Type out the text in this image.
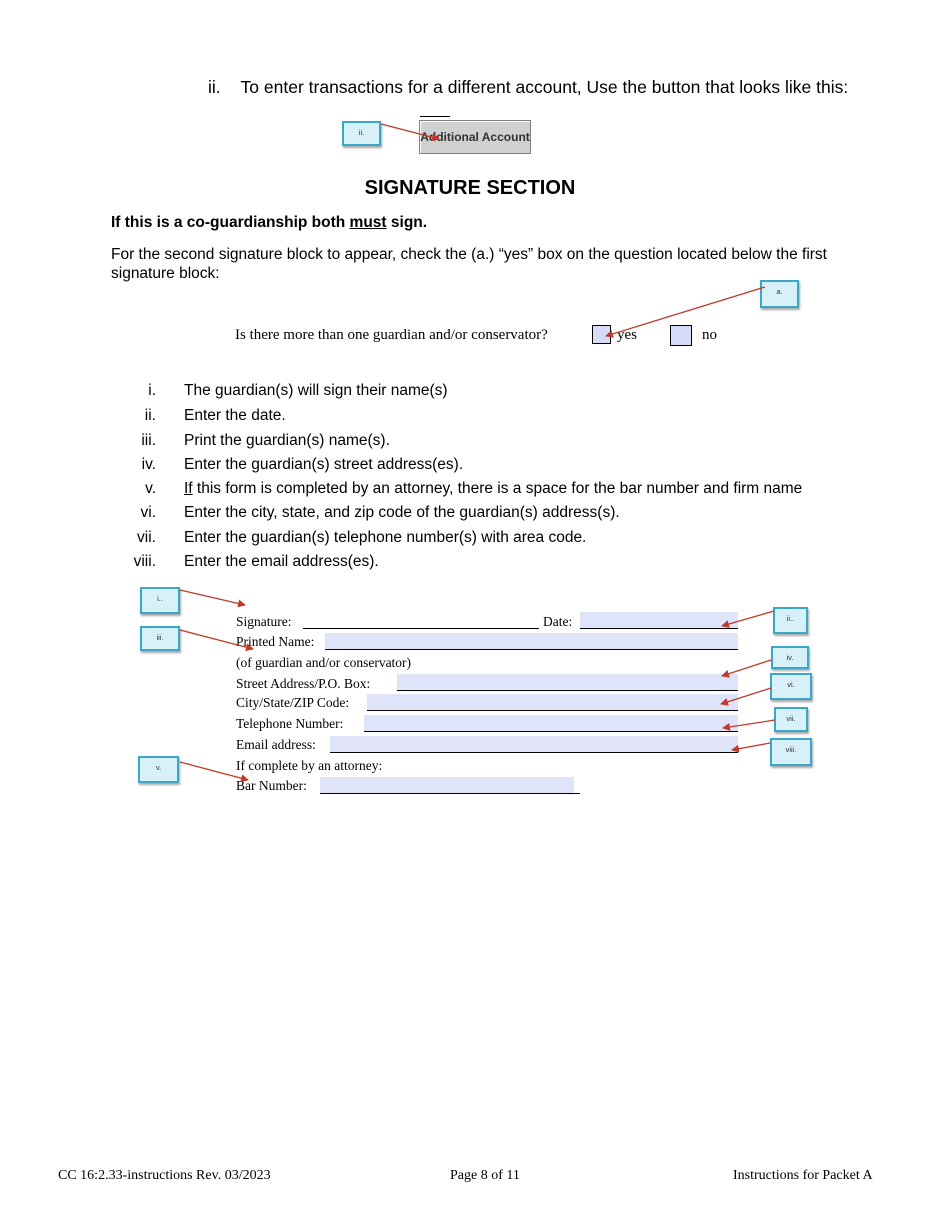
ii. To enter transactions for a different account, Use the button that looks like this:
Additional Account
ii.
SIGNATURE SECTION
If this is a co-guardianship both must sign.
For the second signature block to appear, check the (a.) “yes” box on the question located below the first signature block:
a.
Is there more than one guardian and/or conservator?	yes	no
i. The guardian(s) will sign their name(s)
ii. Enter the date.
iii. Print the guardian(s) name(s).
iv. Enter the guardian(s) street address(es).
v. If this form is completed by an attorney, there is a space for the bar number and firm name
vi. Enter the city, state, and zip code of the guardian(s) address(s).
vii. Enter the guardian(s) telephone number(s) with area code.
viii. Enter the email address(es).
Signature:	Date:
Printed Name:
(of guardian and/or conservator)
Street Address/P.O. Box:
City/State/ZIP Code:
Telephone Number:
Email address:
If complete by an attorney:
Bar Number:
i..
iii.
v.
ii..
iv.
vi.
vii.
viii.
CC 16:2.33-instructions Rev. 03/2023	Page 8 of 11	Instructions for Packet A
